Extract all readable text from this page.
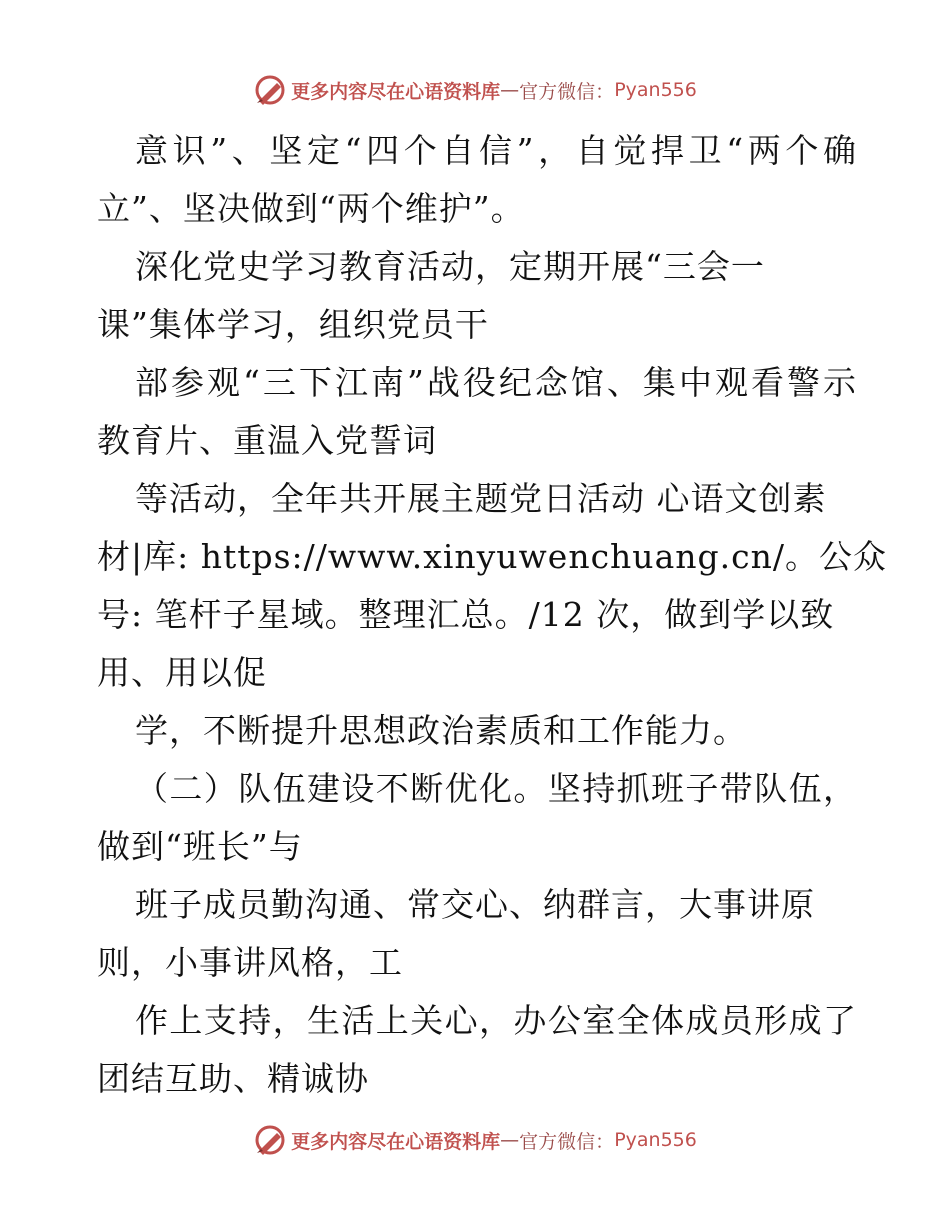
更多内容尽在心语资料库 — 官方微信： Pyan556
意识”、坚定“四个自信”，自觉捍卫“两个确
立”、坚决做到“两个维护”。
深化党史学习教育活动，定期开展“三会一
课”集体学习，组织党员干
部参观“三下江南”战役纪念馆、集中观看警示
教育片、重温入党誓词
等活动，全年共开展主题党日活动 心语文创素
材|库: https://www.xinyuwenchuang.cn/。公众
号: 笔杆子星域。整理汇总。/12 次，做到学以致
用、用以促
学，不断提升思想政治素质和工作能力。
（二）队伍建设不断优化。坚持抓班子带队伍，
做到“班长”与
班子成员勤沟通、常交心、纳群言，大事讲原
则，小事讲风格，工
作上支持，生活上关心，办公室全体成员形成了
团结互助、精诚协
更多内容尽在心语资料库 — 官方微信： Pyan556
